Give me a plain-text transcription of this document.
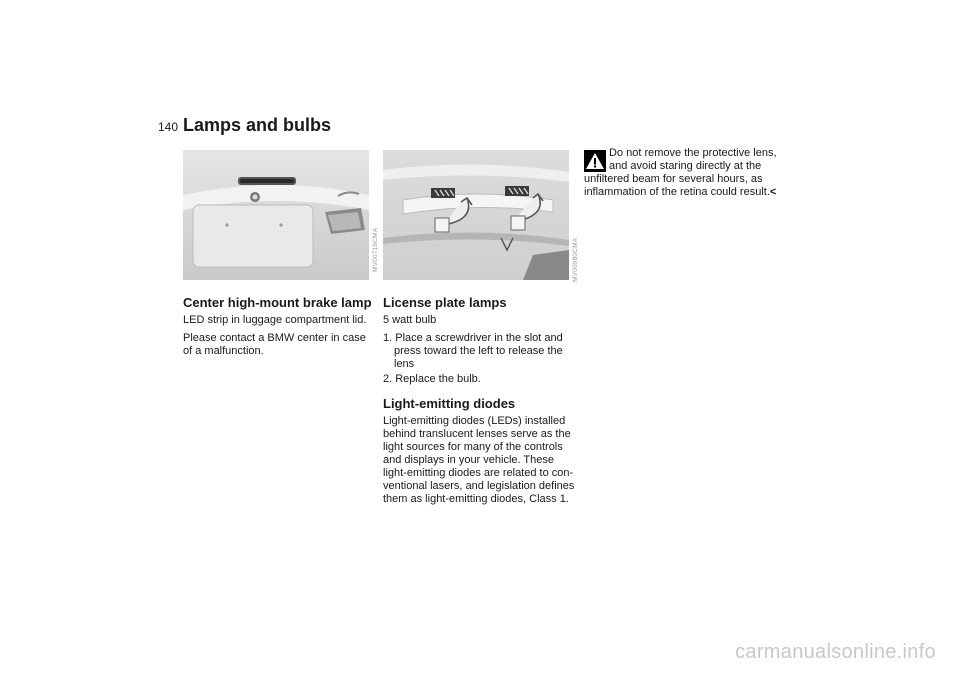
140 Lamps and bulbs
MV00716CMA	MV00980CMA
Center high-mount brake lamp

LED strip in luggage compartment lid.

Please contact a BMW center in case of a malfunction.

License plate lamps

5 watt bulb

1. Place a screwdriver in the slot and press toward the left to release the lens
2. Replace the bulb.
Light-emitting diodes

Light-emitting diodes (LEDs) installed behind translucent lenses serve as the light sources for many of the controls and displays in your vehicle. These light-emitting diodes are related to con-ventional lasers, and legislation defines them as light-emitting diodes, Class 1.

Do not remove the protective lens, and avoid staring directly at the unfiltered beam for several hours, as inflammation of the retina could result.<
carmanualsonline.info
